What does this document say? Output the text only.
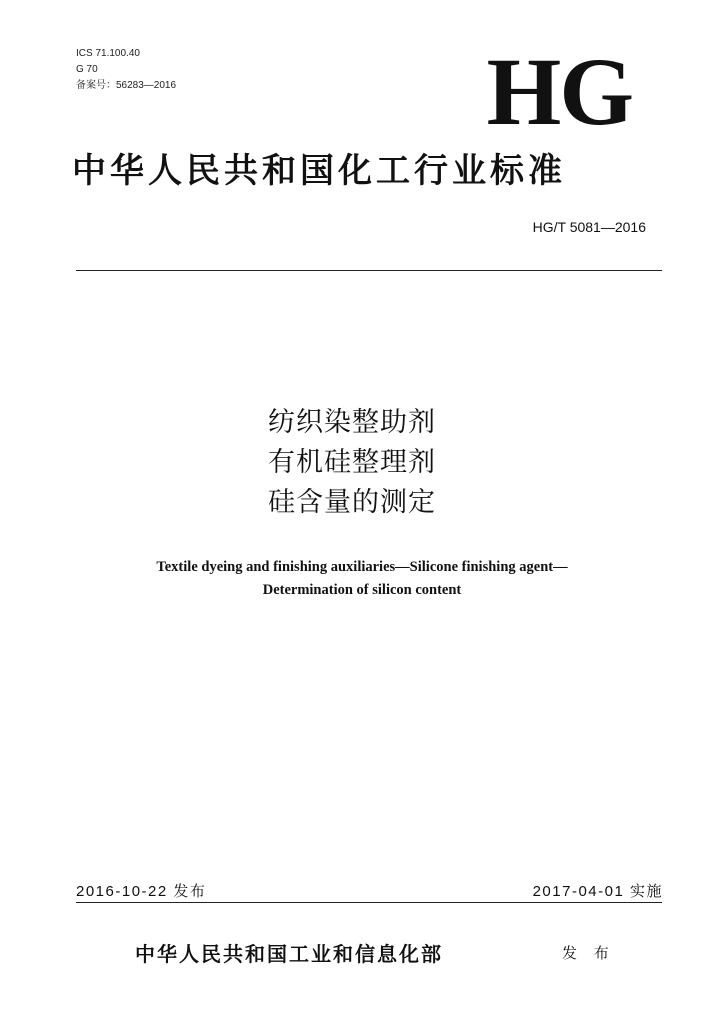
ICS 71.100.40
G 70
备案号：56283—2016	HG
中华人民共和国化工行业标准
HG/T 5081—2016
纺织染整助剂
有机硅整理剂
硅含量的测定
Textile dyeing and finishing auxiliaries—Silicone finishing agent—
Determination of silicon content
2016-10-22 发布	2017-04-01 实施
中华人民共和国工业和信息化部	发 布
